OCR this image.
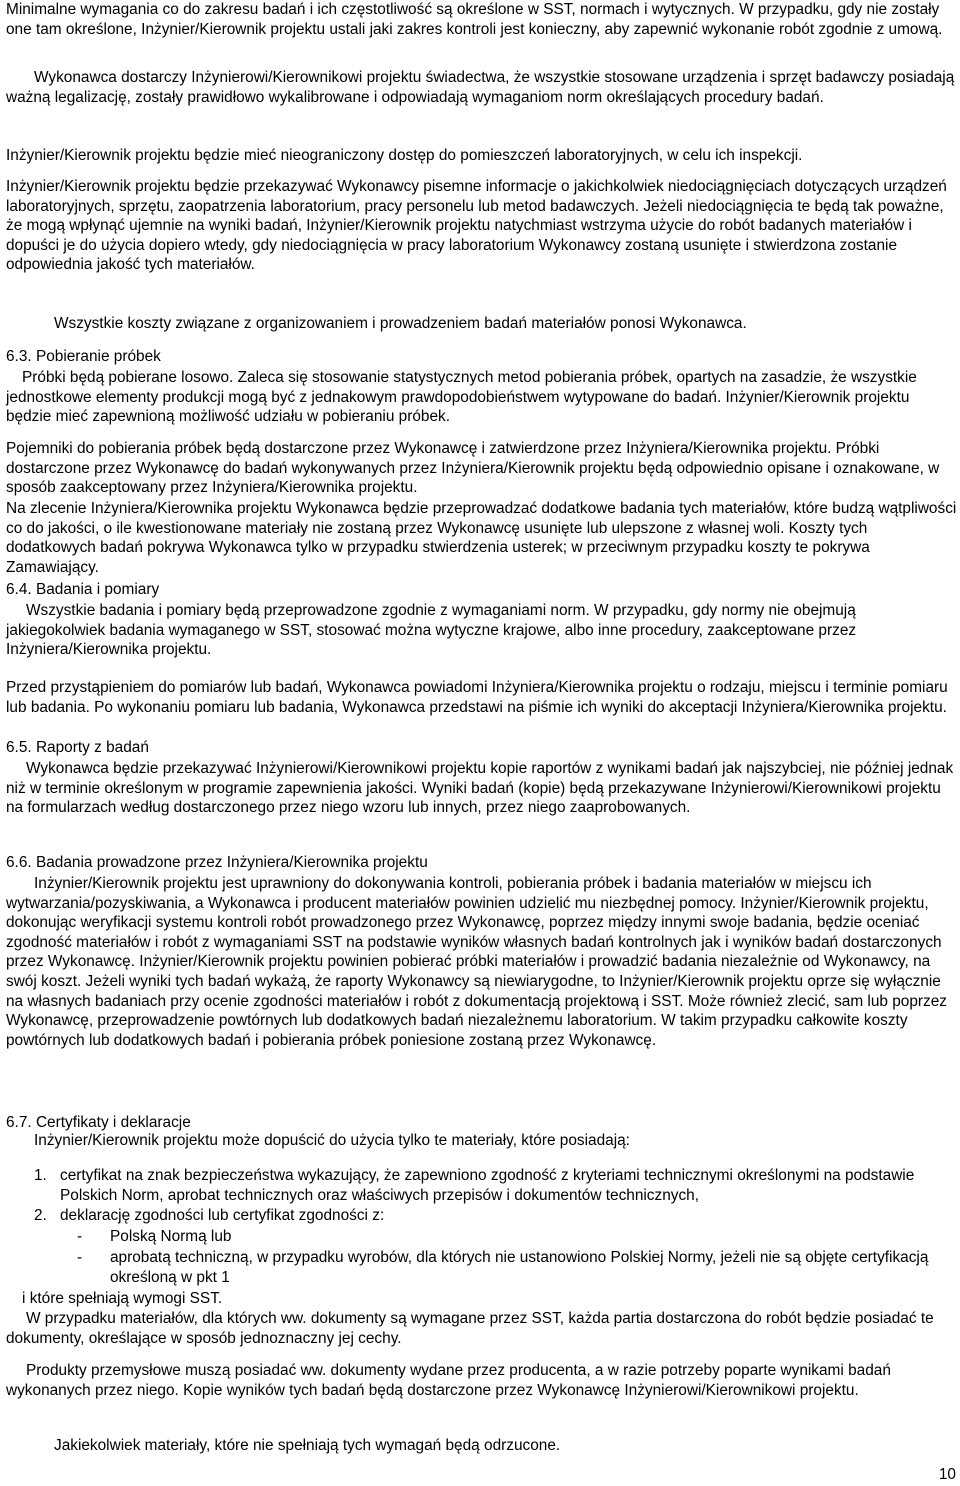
Minimalne wymagania co do zakresu badań i ich częstotliwość są określone w SST, normach i wytycznych. W przypadku, gdy nie zostały one tam określone, Inżynier/Kierownik projektu ustali jaki zakres kontroli jest konieczny, aby zapewnić wykonanie robót zgodnie z umową.

Wykonawca dostarczy Inżynierowi/Kierownikowi projektu świadectwa, że wszystkie stosowane urządzenia i sprzęt badawczy posiadają ważną legalizację, zostały prawidłowo wykalibrowane i odpowiadają wymaganiom norm określających procedury badań.

Inżynier/Kierownik projektu będzie mieć nieograniczony dostęp do pomieszczeń laboratoryjnych, w celu ich inspekcji.

Inżynier/Kierownik projektu będzie przekazywać Wykonawcy pisemne informacje o jakichkolwiek niedociągnięciach dotyczących urządzeń laboratoryjnych, sprzętu, zaopatrzenia laboratorium, pracy personelu lub metod badawczych. Jeżeli niedociągnięcia te będą tak poważne, że mogą wpłynąć ujemnie na wyniki badań, Inżynier/Kierownik projektu natychmiast wstrzyma użycie do robót badanych materiałów i dopuści je do użycia dopiero wtedy, gdy niedociągnięcia w pracy laboratorium Wykonawcy zostaną usunięte i stwierdzona zostanie odpowiednia jakość tych materiałów.

Wszystkie koszty związane z organizowaniem i prowadzeniem badań materiałów ponosi Wykonawca.

6.3. Pobieranie próbek

Próbki będą pobierane losowo. Zaleca się stosowanie statystycznych metod pobierania próbek, opartych na zasadzie, że wszystkie jednostkowe elementy produkcji mogą być z jednakowym prawdopodobieństwem wytypowane do badań. Inżynier/Kierownik projektu będzie mieć zapewnioną możliwość udziału w pobieraniu próbek.

Pojemniki do pobierania próbek będą dostarczone przez Wykonawcę i zatwierdzone przez Inżyniera/Kierownika projektu. Próbki dostarczone przez Wykonawcę do badań wykonywanych przez Inżyniera/Kierownik projektu będą odpowiednio opisane i oznakowane, w sposób zaakceptowany przez Inżyniera/Kierownika projektu.

Na zlecenie Inżyniera/Kierownika projektu Wykonawca będzie przeprowadzać dodatkowe badania tych materiałów, które budzą wątpliwości co do jakości, o ile kwestionowane materiały nie zostaną przez Wykonawcę usunięte lub ulepszone z własnej woli. Koszty tych dodatkowych badań pokrywa Wykonawca tylko w przypadku stwierdzenia usterek; w przeciwnym przypadku koszty te pokrywa Zamawiający.

6.4. Badania i pomiary

Wszystkie badania i pomiary będą przeprowadzone zgodnie z wymaganiami norm. W przypadku, gdy normy nie obejmują jakiegokolwiek badania wymaganego w SST, stosować można wytyczne krajowe, albo inne procedury, zaakceptowane przez Inżyniera/Kierownika projektu.

Przed przystąpieniem do pomiarów lub badań, Wykonawca powiadomi Inżyniera/Kierownika projektu o rodzaju, miejscu i terminie pomiaru lub badania. Po wykonaniu pomiaru lub badania, Wykonawca przedstawi na piśmie ich wyniki do akceptacji Inżyniera/Kierownika projektu.

6.5. Raporty z badań

Wykonawca będzie przekazywać Inżynierowi/Kierownikowi projektu kopie raportów z wynikami badań jak najszybciej, nie później jednak niż w terminie określonym w programie zapewnienia jakości. Wyniki badań (kopie) będą przekazywane Inżynierowi/Kierownikowi projektu na formularzach według dostarczonego przez niego wzoru lub innych, przez niego zaaprobowanych.

6.6. Badania prowadzone przez Inżyniera/Kierownika projektu

Inżynier/Kierownik projektu jest uprawniony do dokonywania kontroli, pobierania próbek i badania materiałów w miejscu ich wytwarzania/pozyskiwania, a Wykonawca i producent materiałów powinien udzielić mu niezbędnej pomocy. Inżynier/Kierownik projektu, dokonując weryfikacji systemu kontroli robót prowadzonego przez Wykonawcę, poprzez między innymi swoje badania, będzie oceniać zgodność materiałów i robót z wymaganiami SST na podstawie wyników własnych badań kontrolnych jak i wyników badań dostarczonych przez Wykonawcę. Inżynier/Kierownik projektu powinien pobierać próbki materiałów i prowadzić badania niezależnie od Wykonawcy, na swój koszt. Jeżeli wyniki tych badań wykażą, że raporty Wykonawcy są niewiarygodne, to Inżynier/Kierownik projektu oprze się wyłącznie na własnych badaniach przy ocenie zgodności materiałów i robót z dokumentacją projektową i SST. Może również zlecić, sam lub poprzez Wykonawcę, przeprowadzenie powtórnych lub dodatkowych badań niezależnemu laboratorium. W takim przypadku całkowite koszty powtórnych lub dodatkowych badań i pobierania próbek poniesione zostaną przez Wykonawcę.

6.7. Certyfikaty i deklaracje

Inżynier/Kierownik projektu może dopuścić do użycia tylko te materiały, które posiadają:

1. certyfikat na znak bezpieczeństwa wykazujący, że zapewniono zgodność z kryteriami technicznymi określonymi na podstawie Polskich Norm, aprobat technicznych oraz właściwych przepisów i dokumentów technicznych,

2. deklarację zgodności lub certyfikat zgodności z:

- Polską Normą lub

- aprobatą techniczną, w przypadku wyrobów, dla których nie ustanowiono Polskiej Normy, jeżeli nie są objęte certyfikacją określoną w pkt 1

i które spełniają wymogi SST.

W przypadku materiałów, dla których ww. dokumenty są wymagane przez SST, każda partia dostarczona do robót będzie posiadać te dokumenty, określające w sposób jednoznaczny jej cechy.

Produkty przemysłowe muszą posiadać ww. dokumenty wydane przez producenta, a w razie potrzeby poparte wynikami badań wykonanych przez niego. Kopie wyników tych badań będą dostarczone przez Wykonawcę Inżynierowi/Kierownikowi projektu.

Jakiekolwiek materiały, które nie spełniają tych wymagań będą odrzucone.

10
